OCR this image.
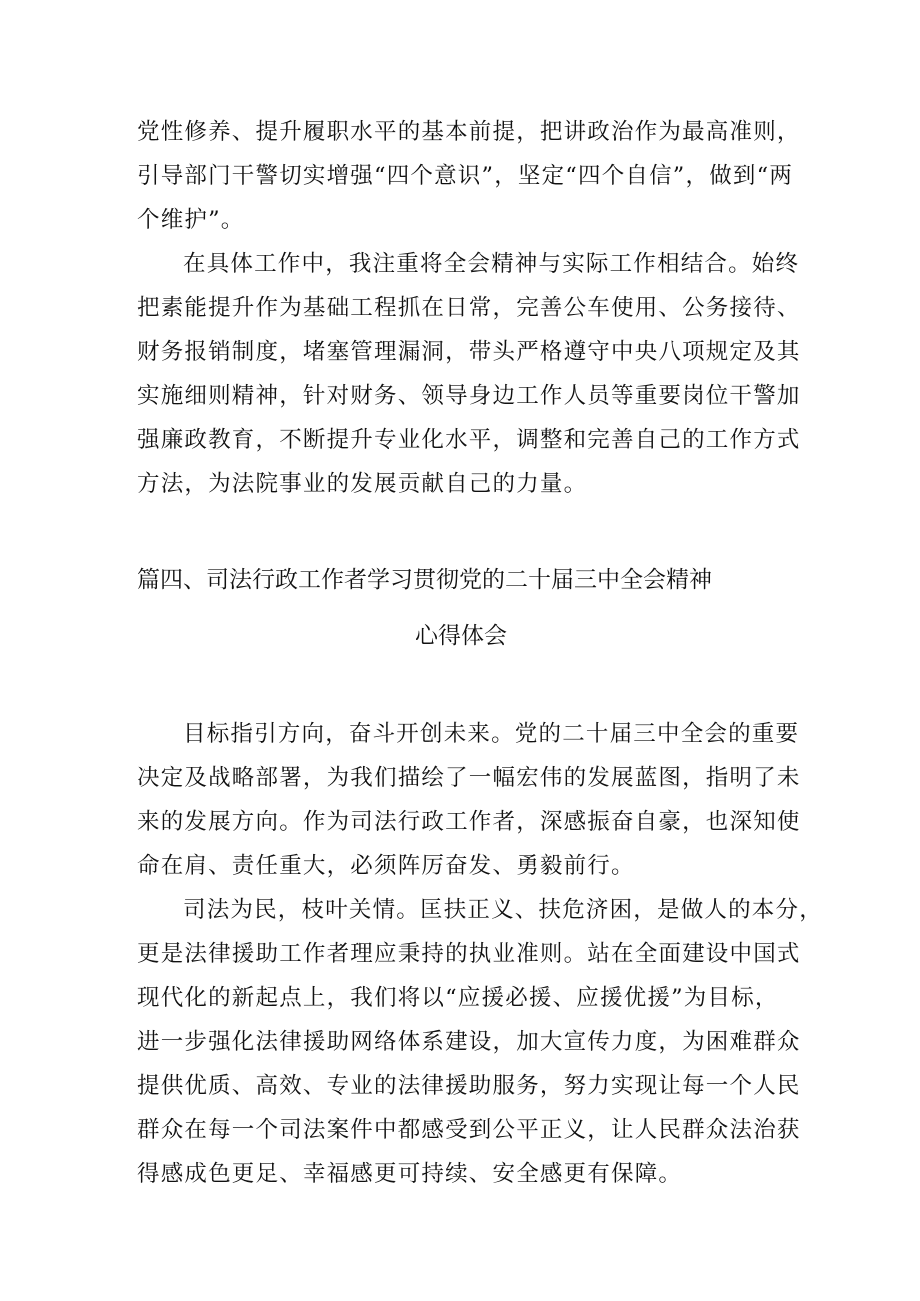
党性修养、提升履职水平的基本前提，把讲政治作为最高准则，
引导部门干警切实增强“四个意识”，坚定“四个自信”，做到“两
个维护”。
在具体工作中，我注重将全会精神与实际工作相结合。始终
把素能提升作为基础工程抓在日常，完善公车使用、公务接待、
财务报销制度，堵塞管理漏洞，带头严格遵守中央八项规定及其
实施细则精神，针对财务、领导身边工作人员等重要岗位干警加
强廉政教育，不断提升专业化水平，调整和完善自己的工作方式
方法，为法院事业的发展贡献自己的力量。
篇四、司法行政工作者学习贯彻党的二十届三中全会精神
心得体会
目标指引方向，奋斗开创未来。党的二十届三中全会的重要
决定及战略部署，为我们描绘了一幅宏伟的发展蓝图，指明了未
来的发展方向。作为司法行政工作者，深感振奋自豪，也深知使
命在肩、责任重大，必须阵厉奋发、勇毅前行。
司法为民，枝叶关情。匡扶正义、扶危济困，是做人的本分，
更是法律援助工作者理应秉持的执业准则。站在全面建设中国式
现代化的新起点上，我们将以“应援必援、应援优援”为目标，
进一步强化法律援助网络体系建设，加大宣传力度，为困难群众
提供优质、高效、专业的法律援助服务，努力实现让每一个人民
群众在每一个司法案件中都感受到公平正义，让人民群众法治获
得感成色更足、幸福感更可持续、安全感更有保障。
